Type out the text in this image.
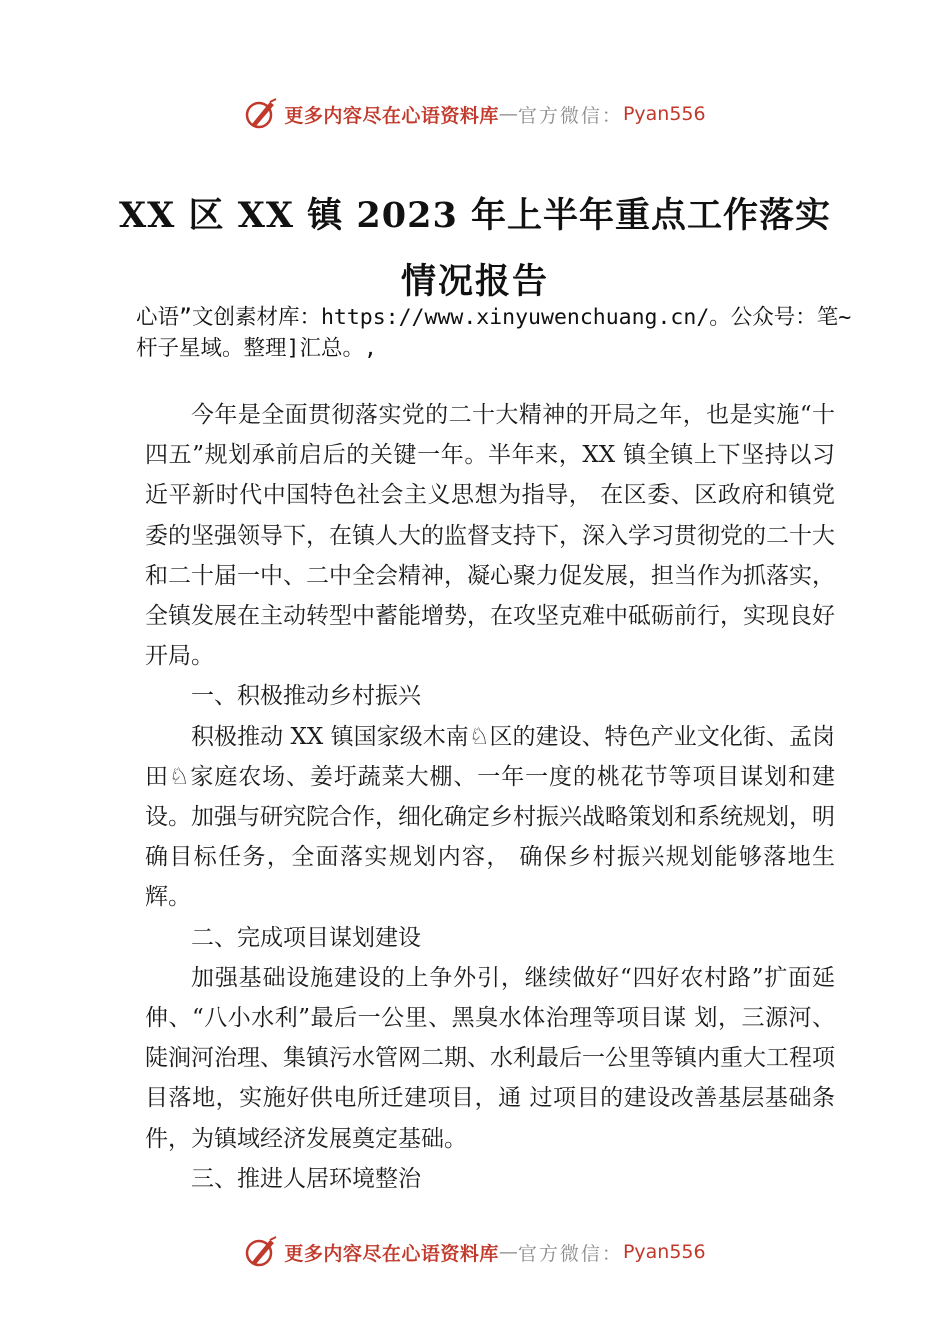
更多内容尽在心语资料库 — 官方微信： Pyan556
XX 区 XX 镇 2023 年上半年重点工作落实
情况报告
心语”文创素材库：https://www.xinyuwenchuang.cn/。公众号：笔~杆子星域。整理]汇总。,

今年是全面贯彻落实党的二十大精神的开局之年，也是实施“十四五”规划承前启后的关键一年。半年来，XX 镇全镇上下坚持以习近平新时代中国特色社会主义思想为指导， 在区委、区政府和镇党委的坚强领导下，在镇人大的监督支持下，深入学习贯彻党的二十大和二十届一中、二中全会精神，凝心聚力促发展，担当作为抓落实，全镇发展在主动转型中蓄能增势，在攻坚克难中砥砺前行，实现良好开局。

一、积极推动乡村振兴

积极推动 XX 镇国家级木南♘区的建设、特色产业文化街、孟岗田♘家庭农场、姜圩蔬菜大棚、一年一度的桃花节等项目谋划和建设。加强与研究院合作，细化确定乡村振兴战略策划和系统规划，明确目标任务，全面落实规划内容， 确保乡村振兴规划能够落地生辉。

二、完成项目谋划建设

加强基础设施建设的上争外引，继续做好“四好农村路”扩面延伸、“八小水利”最后一公里、黑臭水体治理等项目谋 划，三源河、陡涧河治理、集镇污水管网二期、水利最后一公里等镇内重大工程项目落地，实施好供电所迁建项目，通 过项目的建设改善基层基础条件，为镇域经济发展奠定基础。

三、推进人居环境整治

更多内容尽在心语资料库 — 官方微信： Pyan556
